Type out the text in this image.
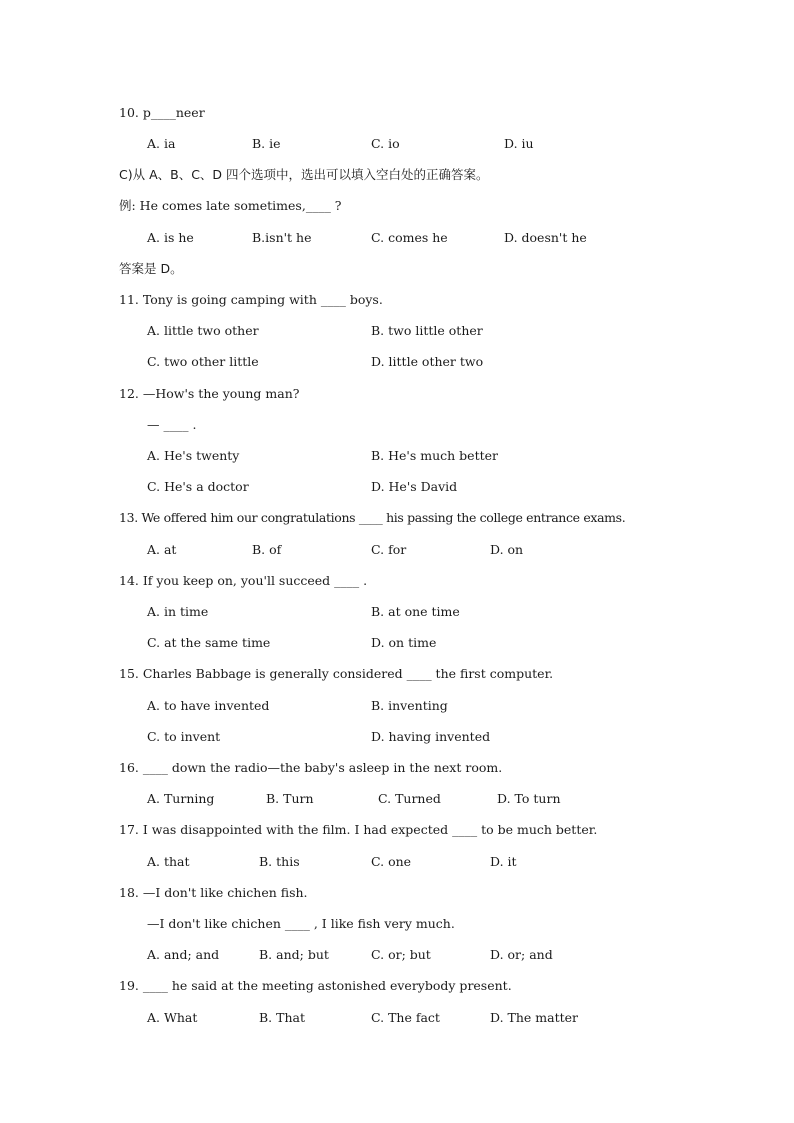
10. p____neer
A. ia	B. ie	C. io	D. iu
C)从 A、B、C、D 四个选项中，选出可以填入空白处的正确答案。
例: He comes late sometimes,____ ?
A. is he	B.isn't he	C. comes he	D. doesn't he
答案是 D。
11. Tony is going camping with ____ boys.
A. little two other	B. two little other
C. two other little	D. little other two
12. —How's the young man?
— ____ .
A. He's twenty	B. He's much better
C. He's a doctor	D. He's David
13. We offered him our congratulations ____ his passing the college entrance exams.
A. at	B. of	C. for	D. on
14. If you keep on, you'll succeed ____ .
A. in time	B. at one time
C. at the same time	D. on time
15. Charles Babbage is generally considered ____ the first computer.
A. to have invented	B. inventing
C. to invent	D. having invented
16. ____ down the radio—the baby's asleep in the next room.
A. Turning	B. Turn	C. Turned	D. To turn
17. I was disappointed with the film. I had expected ____ to be much better.
A. that	B. this	C. one	D. it
18. —I don't like chichen fish.
—I don't like chichen ____ , I like fish very much.
A. and; and	B. and; but	C. or; but	D. or; and
19. ____ he said at the meeting astonished everybody present.
A. What	B. That	C. The fact	D. The matter
